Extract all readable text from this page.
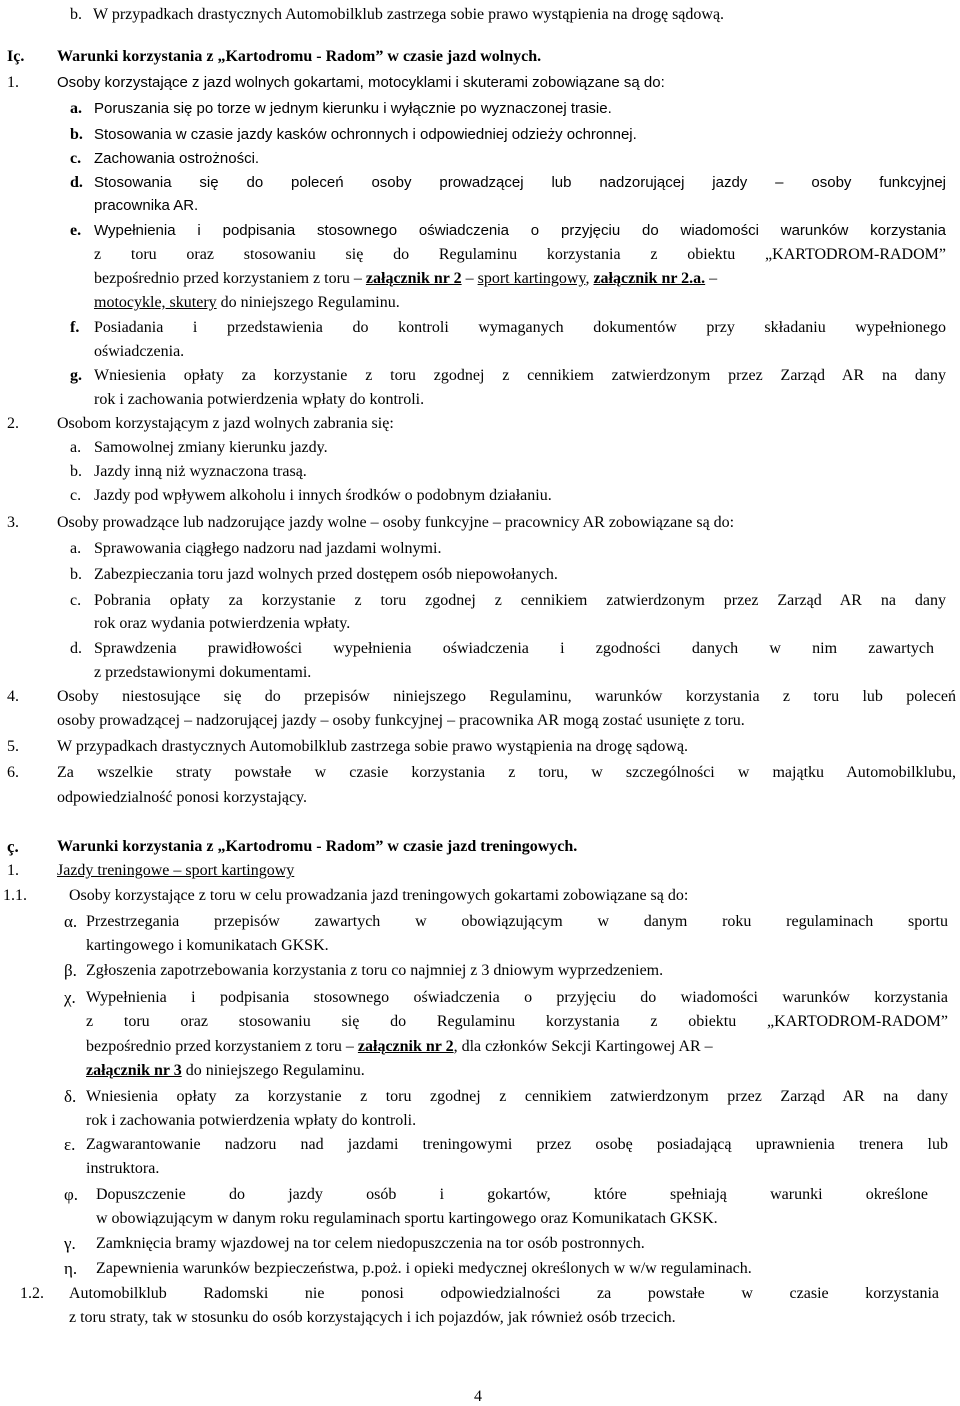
b. W przypadkach drastycznych Automobilklub zastrzega sobie prawo wystąpienia na drogę sądową.
Iç. Warunki korzystania z „Kartodromu - Radom” w czasie jazd wolnych.
1.	Osoby korzystające z jazd wolnych gokartami, motocyklami i skuterami zobowiązane są do:
a. Poruszania się po torze w jednym kierunku i wyłącznie po wyznaczonej trasie.
b. Stosowania w czasie jazdy kasków ochronnych i odpowiedniej odzieży ochronnej.
c. Zachowania ostrożności.
d. Stosowania się do poleceń osoby prowadzącej lub nadzorującej jazdy – osoby funkcyjnej
pracownika AR.
e. Wypełnienia i podpisania stosownego oświadczenia o przyjęciu do wiadomości warunków korzystania
z toru oraz stosowaniu się do Regulaminu korzystania z obiektu „KARTODROM-RADOM”
bezpośrednio przed korzystaniem z toru – załącznik nr 2 – sport kartingowy, załącznik nr 2.a. –
motocykle, skutery do niniejszego Regulaminu.
f. Posiadania i przedstawienia do kontroli wymaganych dokumentów przy składaniu wypełnionego
oświadczenia.
g. Wniesienia opłaty za korzystanie z toru zgodnej z cennikiem zatwierdzonym przez Zarząd AR na dany
rok i zachowania potwierdzenia wpłaty do kontroli.
2. Osobom korzystającym z jazd wolnych zabrania się:
a. Samowolnej zmiany kierunku jazdy.
b. Jazdy inną niż wyznaczona trasą.
c. Jazdy pod wpływem alkoholu i innych środków o podobnym działaniu.
3. Osoby prowadzące lub nadzorujące jazdy wolne – osoby funkcyjne – pracownicy AR zobowiązane są do:
a. Sprawowania ciągłego nadzoru nad jazdami wolnymi.
b. Zabezpieczania toru jazd wolnych przed dostępem osób niepowołanych.
c. Pobrania opłaty za korzystanie z toru zgodnej z cennikiem zatwierdzonym przez Zarząd AR na dany
rok oraz wydania potwierdzenia wpłaty.
d. Sprawdzenia prawidłowości wypełnienia oświadczenia i zgodności danych w nim zawartych
z przedstawionymi dokumentami.
4. Osoby niestosujące się do przepisów niniejszego Regulaminu, warunków korzystania z toru lub poleceń
osoby prowadzącej – nadzorującej jazdy – osoby funkcyjnej – pracownika AR mogą zostać usunięte z toru.
5. W przypadkach drastycznych Automobilklub zastrzega sobie prawo wystąpienia na drogę sądową.
6. Za wszelkie straty powstałe w czasie korzystania z toru, w szczególności w majątku Automobilklubu,
odpowiedzialność ponosi korzystający.
ç. Warunki korzystania z „Kartodromu - Radom” w czasie jazd treningowych.
1. Jazdy treningowe – sport kartingowy
1.1.	Osoby korzystające z toru w celu prowadzania jazd treningowych gokartami zobowiązane są do:
α. Przestrzegania przepisów zawartych w obowiązującym w danym roku regulaminach sportu
kartingowego i komunikatach GKSK.
β. Zgłoszenia zapotrzebowania korzystania z toru co najmniej z 3 dniowym wyprzedzeniem.
χ. Wypełnienia i podpisania stosownego oświadczenia o przyjęciu do wiadomości warunków korzystania
z toru oraz stosowaniu się do Regulaminu korzystania z obiektu „KARTODROM-RADOM”
bezpośrednio przed korzystaniem z toru – załącznik nr 2, dla członków Sekcji Kartingowej AR –
załącznik nr 3 do niniejszego Regulaminu.
δ. Wniesienia opłaty za korzystanie z toru zgodnej z cennikiem zatwierdzonym przez Zarząd AR na dany
rok i zachowania potwierdzenia wpłaty do kontroli.
ε. Zagwarantowanie nadzoru nad jazdami treningowymi przez osobę posiadającą uprawnienia trenera lub
instruktora.
φ. Dopuszczenie do jazdy osób i gokartów, które spełniają warunki określone
w obowiązującym w danym roku regulaminach sportu kartingowego oraz Komunikatach GKSK.
γ. Zamknięcia bramy wjazdowej na tor celem niedopuszczenia na tor osób postronnych.
η. Zapewnienia warunków bezpieczeństwa, p.poż. i opieki medycznej określonych w w/w regulaminach.
1.2. Automobilklub Radomski nie ponosi odpowiedzialności za powstałe w czasie korzystania
z toru straty, tak w stosunku do osób korzystających i ich pojazdów, jak również osób trzecich.
4
